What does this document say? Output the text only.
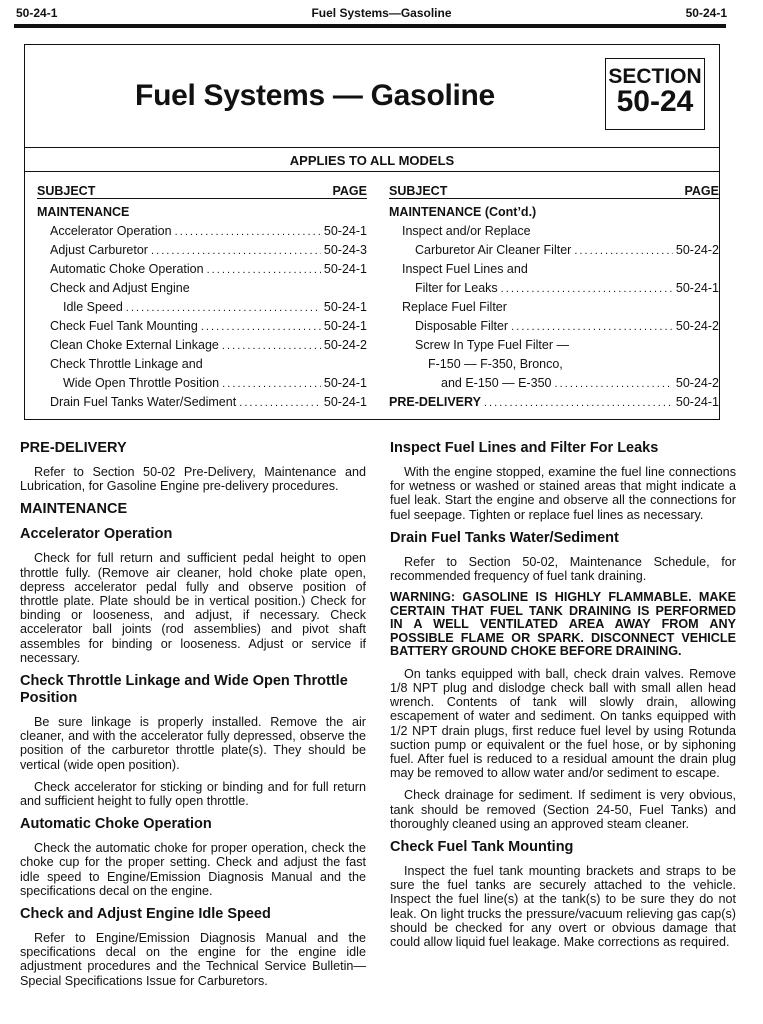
50-24-1	Fuel Systems—Gasoline	50-24-1
Fuel Systems — Gasoline
SECTION
50-24
APPLIES TO ALL MODELS
SUBJECT	PAGE
MAINTENANCE
Accelerator Operation . . .	50-24-1
Adjust Carburetor . . .	50-24-3
Automatic Choke Operation . . .	50-24-1
Check and Adjust Engine
Idle Speed . . .	50-24-1
Check Fuel Tank Mounting . . .	50-24-1
Clean Choke External Linkage . . .	50-24-2
Check Throttle Linkage and
Wide Open Throttle Position . . .	50-24-1
Drain Fuel Tanks Water/Sediment . . .	50-24-1
SUBJECT	PAGE
MAINTENANCE (Cont’d.)
Inspect and/or Replace
Carburetor Air Cleaner Filter . . .	50-24-2
Inspect Fuel Lines and
Filter for Leaks . . .	50-24-1
Replace Fuel Filter
Disposable Filter . . .	50-24-2
Screw In Type Fuel Filter —
F-150 — F-350, Bronco,
and E-150 — E-350 . . .	50-24-2
PRE-DELIVERY . . .	50-24-1
PRE-DELIVERY

Refer to Section 50-02 Pre-Delivery, Maintenance and Lubrication, for Gasoline Engine pre-delivery procedures.

MAINTENANCE
Accelerator Operation

Check for full return and sufficient pedal height to open throttle fully. (Remove air cleaner, hold choke plate open, depress accelerator pedal fully and observe position of throttle plate. Plate should be in vertical position.) Check for binding or looseness, and adjust, if necessary. Check accelerator ball joints (rod assemblies) and pivot shaft assembles for binding or looseness. Adjust or service if necessary.

Check Throttle Linkage and Wide Open Throttle Position

Be sure linkage is properly installed. Remove the air cleaner, and with the accelerator fully depressed, observe the position of the carburetor throttle plate(s). They should be vertical (wide open position).

Check accelerator for sticking or binding and for full return and sufficient height to fully open throttle.

Automatic Choke Operation

Check the automatic choke for proper operation, check the choke cup for the proper setting. Check and adjust the fast idle speed to Engine/Emission Diagnosis Manual and the specifications decal on the engine.

Check and Adjust Engine Idle Speed

Refer to Engine/Emission Diagnosis Manual and the specifications decal on the engine for the engine idle adjustment procedures and the Technical Service Bulletin—Special Specifications Issue for Carburetors.

Inspect Fuel Lines and Filter For Leaks

With the engine stopped, examine the fuel line connections for wetness or washed or stained areas that might indicate a fuel leak. Start the engine and observe all the connections for fuel seepage. Tighten or replace fuel lines as necessary.

Drain Fuel Tanks Water/Sediment

Refer to Section 50-02, Maintenance Schedule, for recommended frequency of fuel tank draining.

WARNING: GASOLINE IS HIGHLY FLAMMABLE. MAKE CERTAIN THAT FUEL TANK DRAINING IS PERFORMED IN A WELL VENTILATED AREA AWAY FROM ANY POSSIBLE FLAME OR SPARK. DISCONNECT VEHICLE BATTERY GROUND CHOKE BEFORE DRAINING.

On tanks equipped with ball, check drain valves. Remove 1/8 NPT plug and dislodge check ball with small allen head wrench. Contents of tank will slowly drain, allowing escapement of water and sediment. On tanks equipped with 1/2 NPT drain plugs, first reduce fuel level by using Rotunda suction pump or equivalent or the fuel hose, or by siphoning fuel. After fuel is reduced to a residual amount the drain plug may be removed to allow water and/or sediment to escape.

Check drainage for sediment. If sediment is very obvious, tank should be removed (Section 24-50, Fuel Tanks) and thoroughly cleaned using an approved steam cleaner.

Check Fuel Tank Mounting

Inspect the fuel tank mounting brackets and straps to be sure the fuel tanks are securely attached to the vehicle. Inspect the fuel line(s) at the tank(s) to be sure they do not leak. On light trucks the pressure/vacuum relieving gas cap(s) should be checked for any overt or obvious damage that could allow liquid fuel leakage. Make corrections as required.
